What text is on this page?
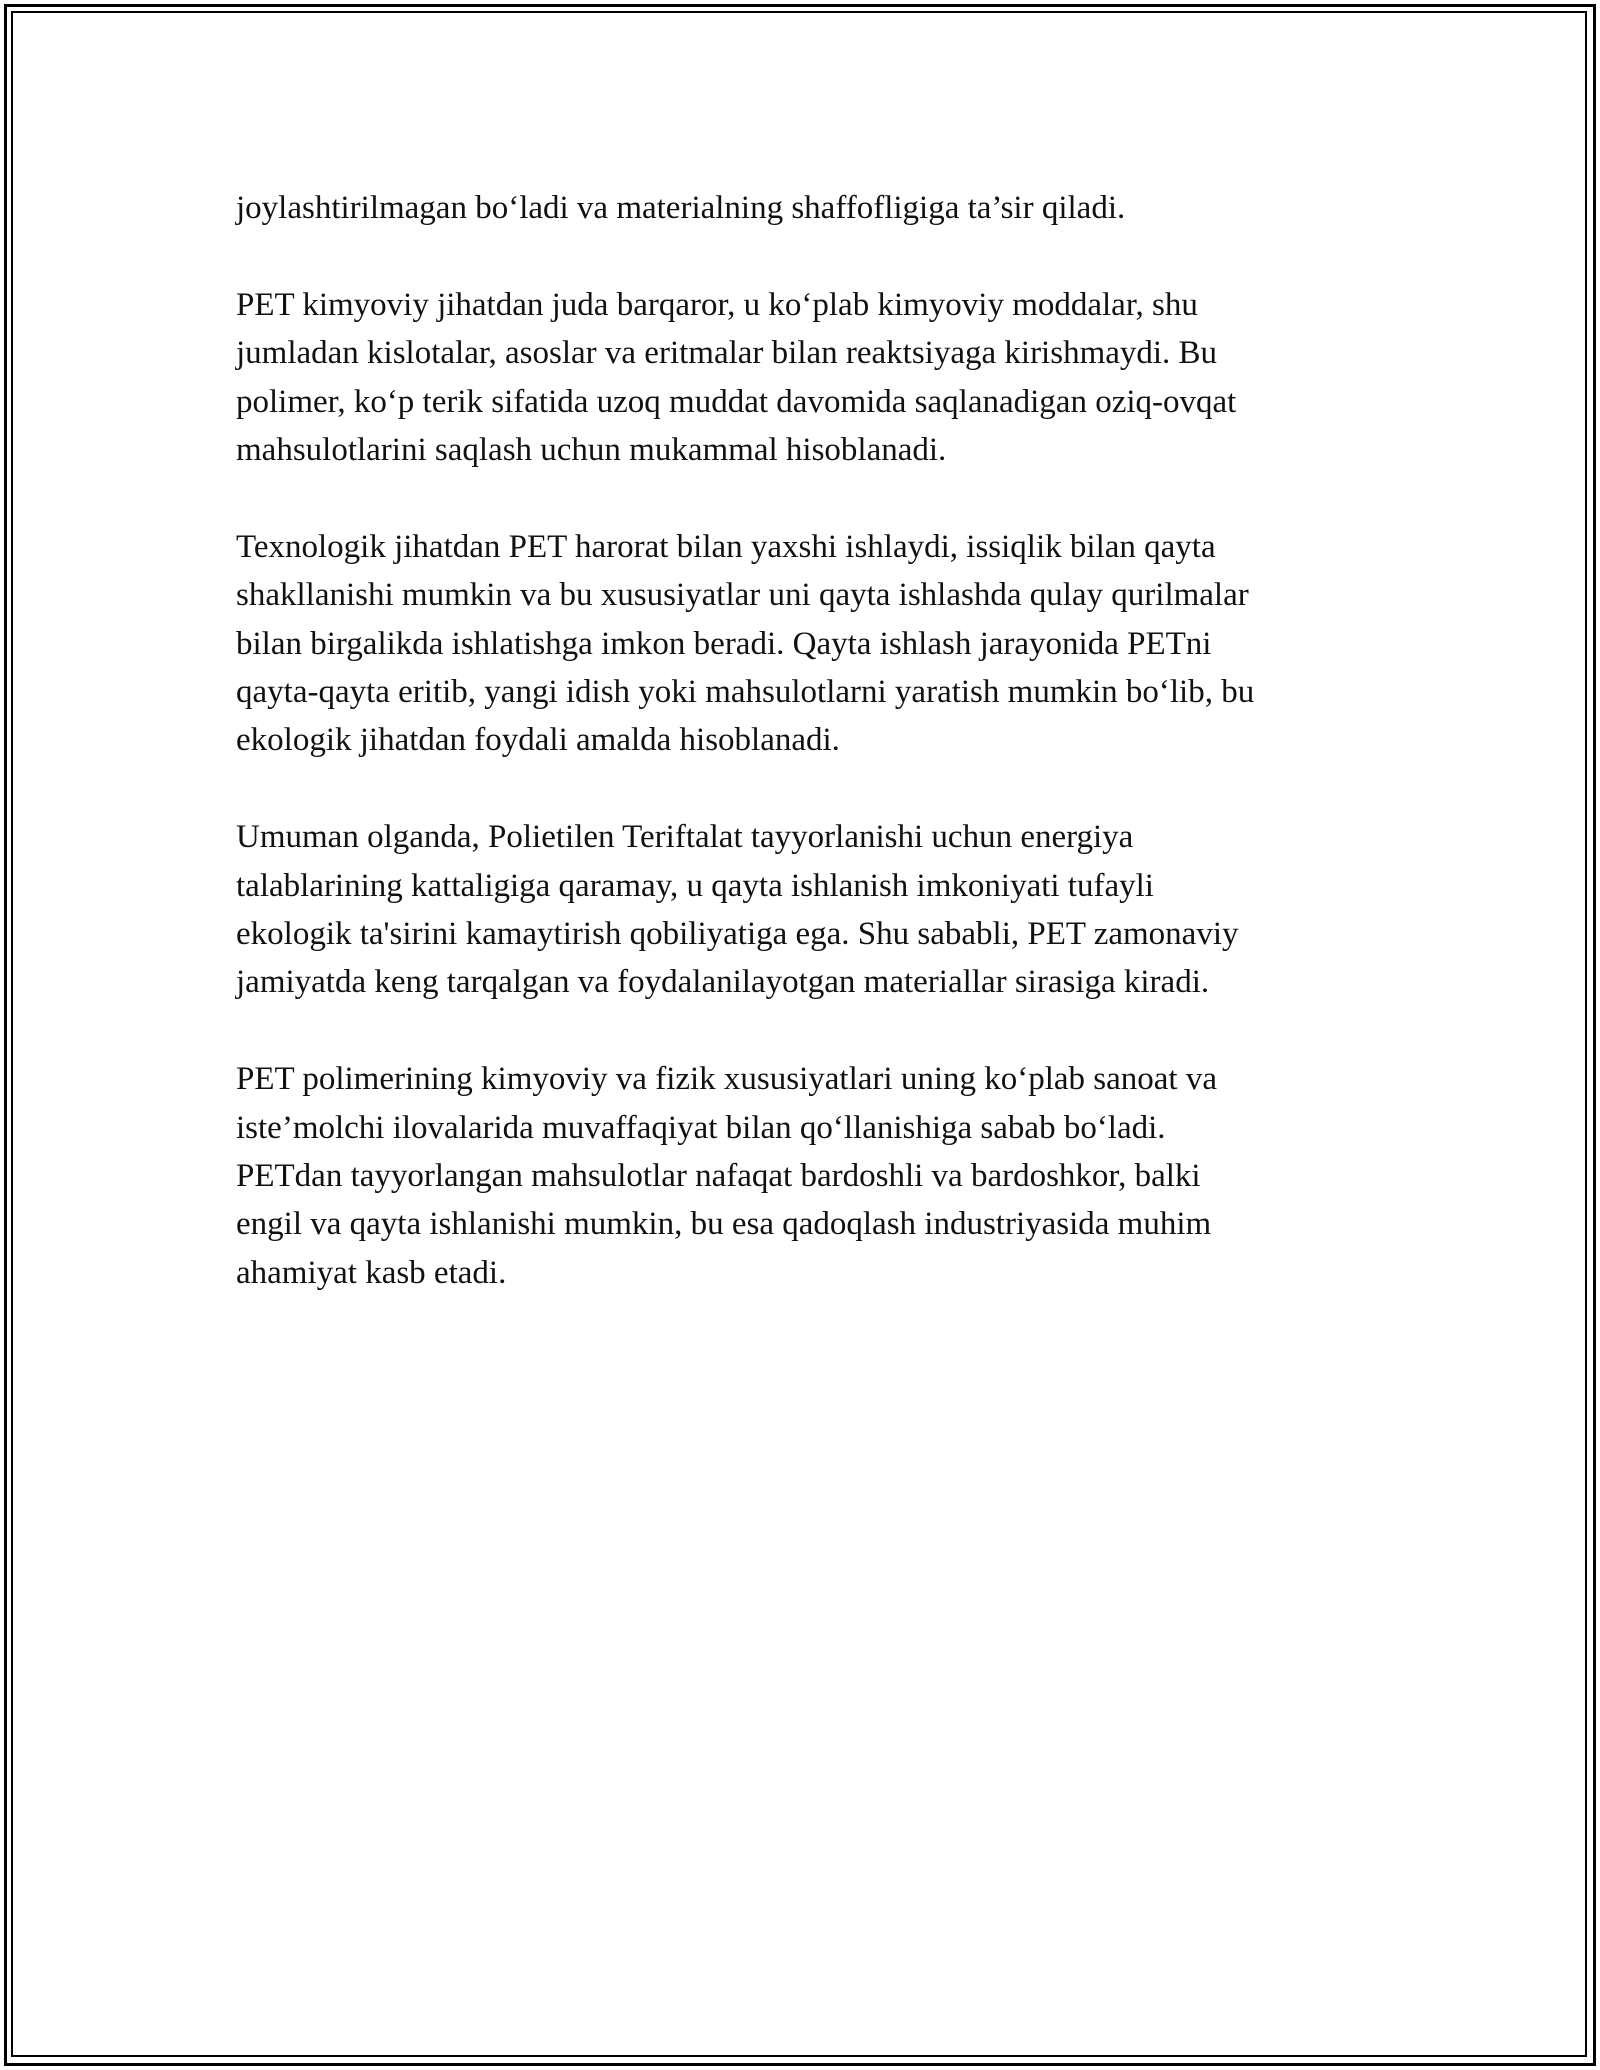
joylashtirilmagan bo‘ladi va materialning shaffofligiga ta’sir qiladi.

PET kimyoviy jihatdan juda barqaror, u ko‘plab kimyoviy moddalar, shu
jumladan kislotalar, asoslar va eritmalar bilan reaktsiyaga kirishmaydi. Bu
polimer, ko‘p terik sifatida uzoq muddat davomida saqlanadigan oziq-ovqat
mahsulotlarini saqlash uchun mukammal hisoblanadi.

Texnologik jihatdan PET harorat bilan yaxshi ishlaydi, issiqlik bilan qayta
shakllanishi mumkin va bu xususiyatlar uni qayta ishlashda qulay qurilmalar
bilan birgalikda ishlatishga imkon beradi. Qayta ishlash jarayonida PETni
qayta-qayta eritib, yangi idish yoki mahsulotlarni yaratish mumkin bo‘lib, bu
ekologik jihatdan foydali amalda hisoblanadi.

Umuman olganda, Polietilen Teriftalat tayyorlanishi uchun energiya
talablarining kattaligiga qaramay, u qayta ishlanish imkoniyati tufayli
ekologik ta'sirini kamaytirish qobiliyatiga ega. Shu sababli, PET zamonaviy
jamiyatda keng tarqalgan va foydalanilayotgan materiallar sirasiga kiradi.

PET polimerining kimyoviy va fizik xususiyatlari uning ko‘plab sanoat va
iste’molchi ilovalarida muvaffaqiyat bilan qo‘llanishiga sabab bo‘ladi.
PETdan tayyorlangan mahsulotlar nafaqat bardoshli va bardoshkor, balki
engil va qayta ishlanishi mumkin, bu esa qadoqlash industriyasida muhim
ahamiyat kasb etadi.
